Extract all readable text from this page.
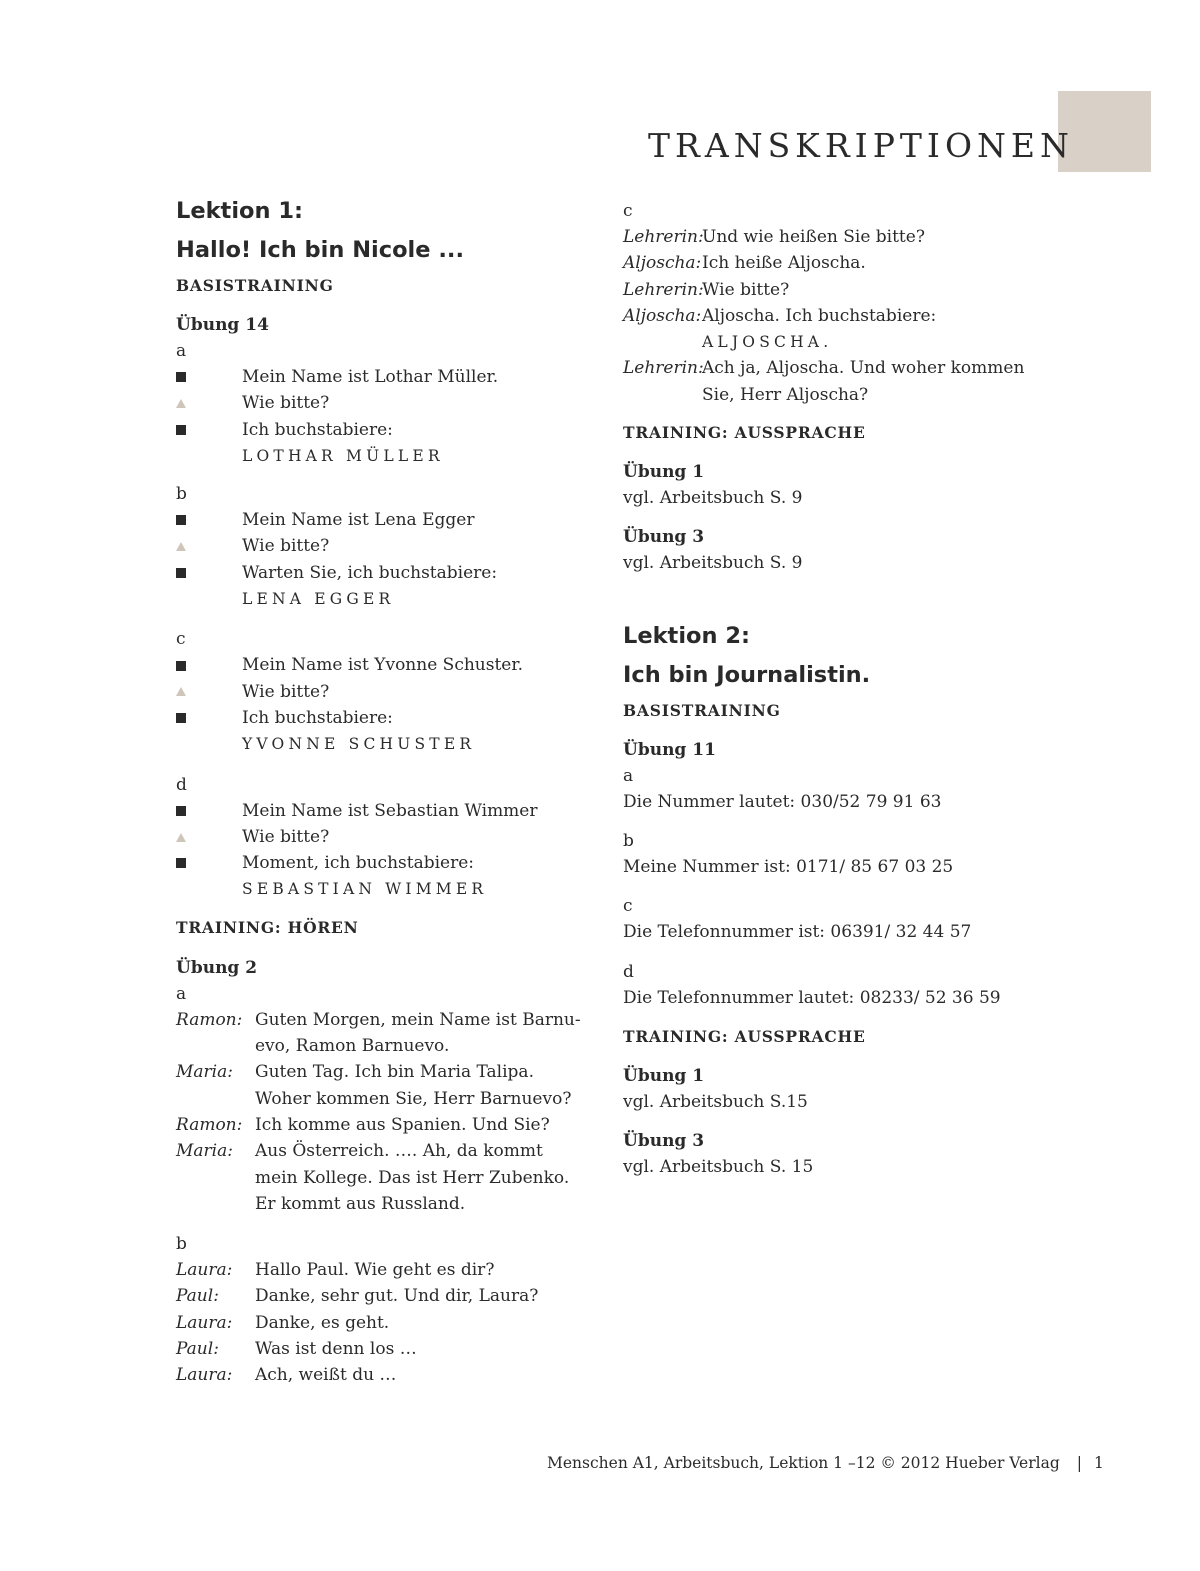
TRANSKRIPTIONEN

Lektion 1:

Hallo! Ich bin Nicole ...

BASISTRAINING

Übung 14

a

Mein Name ist Lothar Müller.
Wie bitte?
Ich buchstabiere:
LOTHAR MÜLLER

b

Mein Name ist Lena Egger
Wie bitte?
Warten Sie, ich buchstabiere:
LENA EGGER

c

Mein Name ist Yvonne Schuster.
Wie bitte?
Ich buchstabiere:
YVONNE SCHUSTER

d

Mein Name ist Sebastian Wimmer
Wie bitte?
Moment, ich buchstabiere:
SEBASTIAN WIMMER

TRAINING: HÖREN

Übung 2

a

Ramon: Guten Morgen, mein Name ist Barnu-
evo, Ramon Barnuevo.
Maria:	Guten Tag. Ich bin Maria Talipa.
Woher kommen Sie, Herr Barnuevo?
Ramon: Ich komme aus Spanien. Und Sie?
Maria:	Aus Österreich. …. Ah, da kommt
mein Kollege. Das ist Herr Zubenko.
Er kommt aus Russland.

b

Laura:	Hallo Paul. Wie geht es dir?
Paul:	Danke, sehr gut. Und dir, Laura?
Laura:	Danke, es geht.
Paul:	Was ist denn los …
Laura:	Ach, weißt du …

c

Lehrerin:
Und wie heißen Sie bitte?
Aljoscha: Ich heiße Aljoscha.
Lehrerin:
Wie bitte?
Aljoscha: Aljoscha. Ich buchstabiere:
ALJOSCHA.
Lehrerin:
Ach ja, Aljoscha. Und woher kommen
Sie, Herr Aljoscha?

TRAINING: AUSSPRACHE

Übung 1

vgl. Arbeitsbuch S. 9

Übung 3

vgl. Arbeitsbuch S. 9

Lektion 2:

Ich bin Journalistin.

BASISTRAINING

Übung 11

a

Die Nummer lautet: 030/52 79 91 63

b

Meine Nummer ist: 0171/ 85 67 03 25

c

Die Telefonnummer ist: 06391/ 32 44 57

d

Die Telefonnummer lautet: 08233/ 52 36 59

TRAINING: AUSSPRACHE

Übung 1

vgl. Arbeitsbuch S.15

Übung 3

vgl. Arbeitsbuch S. 15

Menschen A1, Arbeitsbuch, Lektion 1 –12 © 2012 Hueber Verlag | 1
